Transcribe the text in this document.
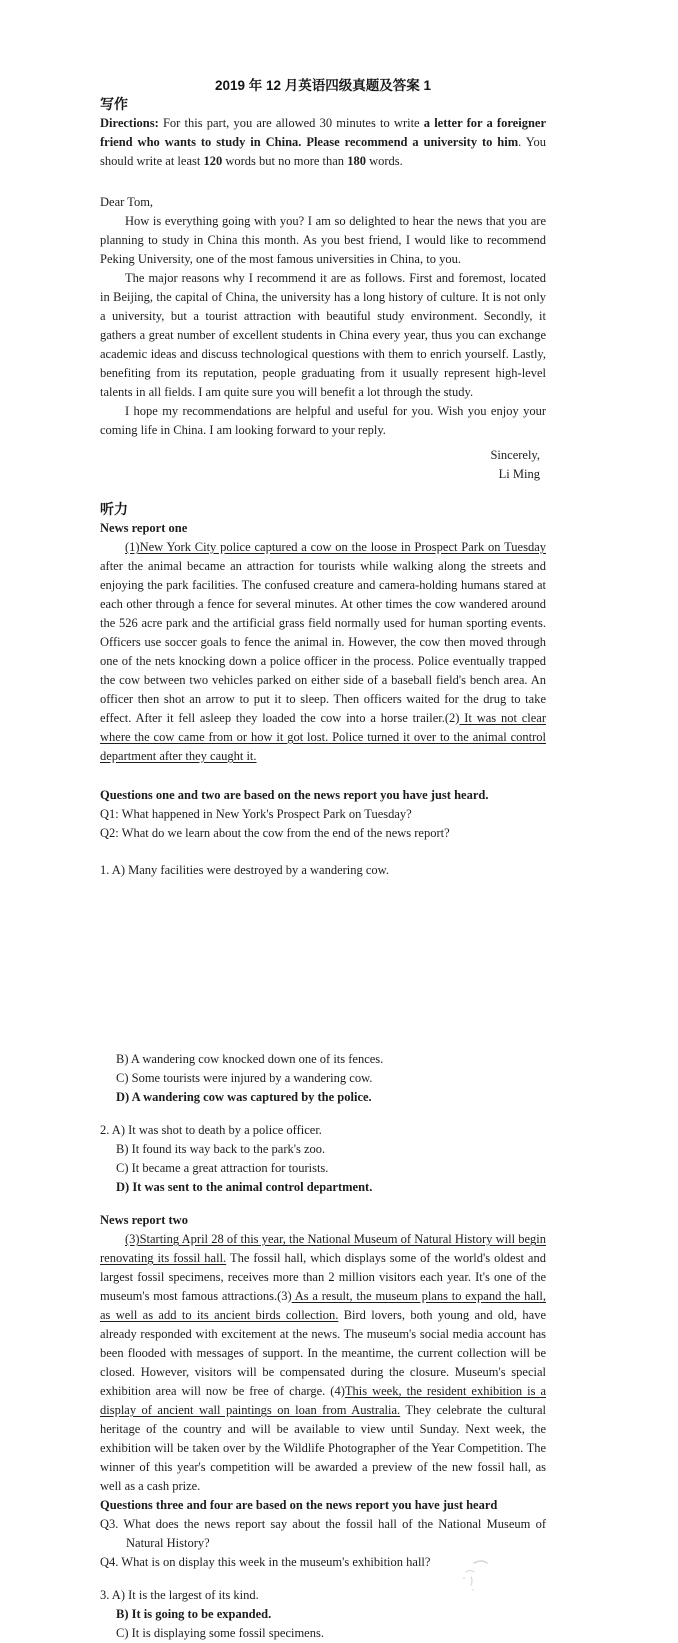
2019 年 12 月英语四级真题及答案 1
写作
Directions: For this part, you are allowed 30 minutes to write a letter for a foreigner friend who wants to study in China. Please recommend a university to him. You should write at least 120 words but no more than 180 words.
Dear Tom,
How is everything going with you? I am so delighted to hear the news that you are planning to study in China this month. As you best friend, I would like to recommend Peking University, one of the most famous universities in China, to you.
The major reasons why I recommend it are as follows. First and foremost, located in Beijing, the capital of China, the university has a long history of culture. It is not only a university, but a tourist attraction with beautiful study environment. Secondly, it gathers a great number of excellent students in China every year, thus you can exchange academic ideas and discuss technological questions with them to enrich yourself. Lastly, benefiting from its reputation, people graduating from it usually represent high-level talents in all fields. I am quite sure you will benefit a lot through the study.
I hope my recommendations are helpful and useful for you. Wish you enjoy your coming life in China. I am looking forward to your reply.
Sincerely,
Li Ming
听力
News report one
(1)New York City police captured a cow on the loose in Prospect Park on Tuesday after the animal became an attraction for tourists while walking along the streets and enjoying the park facilities. The confused creature and camera-holding humans stared at each other through a fence for several minutes. At other times the cow wandered around the 526 acre park and the artificial grass field normally used for human sporting events. Officers use soccer goals to fence the animal in. However, the cow then moved through one of the nets knocking down a police officer in the process. Police eventually trapped the cow between two vehicles parked on either side of a baseball field's bench area. An officer then shot an arrow to put it to sleep. Then officers waited for the drug to take effect. After it fell asleep they loaded the cow into a horse trailer.(2) It was not clear where the cow came from or how it got lost. Police turned it over to the animal control department after they caught it.
Questions one and two are based on the news report you have just heard.
Q1: What happened in New York's Prospect Park on Tuesday?
Q2: What do we learn about the cow from the end of the news report?
1. A) Many facilities were destroyed by a wandering cow.
B) A wandering cow knocked down one of its fences.
C) Some tourists were injured by a wandering cow.
D) A wandering cow was captured by the police.
2. A) It was shot to death by a police officer.
B) It found its way back to the park's zoo.
C) It became a great attraction for tourists.
D) It was sent to the animal control department.
News report two
(3)Starting April 28 of this year, the National Museum of Natural History will begin renovating its fossil hall. The fossil hall, which displays some of the world's oldest and largest fossil specimens, receives more than 2 million visitors each year. It's one of the museum's most famous attractions.(3) As a result, the museum plans to expand the hall, as well as add to its ancient birds collection. Bird lovers, both young and old, have already responded with excitement at the news. The museum's social media account has been flooded with messages of support. In the meantime, the current collection will be closed. However, visitors will be compensated during the closure. Museum's special exhibition area will now be free of charge. (4)This week, the resident exhibition is a display of ancient wall paintings on loan from Australia. They celebrate the cultural heritage of the country and will be available to view until Sunday. Next week, the exhibition will be taken over by the Wildlife Photographer of the Year Competition. The winner of this year's competition will be awarded a preview of the new fossil hall, as well as a cash prize.
Questions three and four are based on the news report you have just heard
Q3. What does the news report say about the fossil hall of the National Museum of Natural History?
Q4. What is on display this week in the museum's exhibition hall?
3. A) It is the largest of its kind.
B) It is going to be expanded.
C) It is displaying some fossil specimens.
